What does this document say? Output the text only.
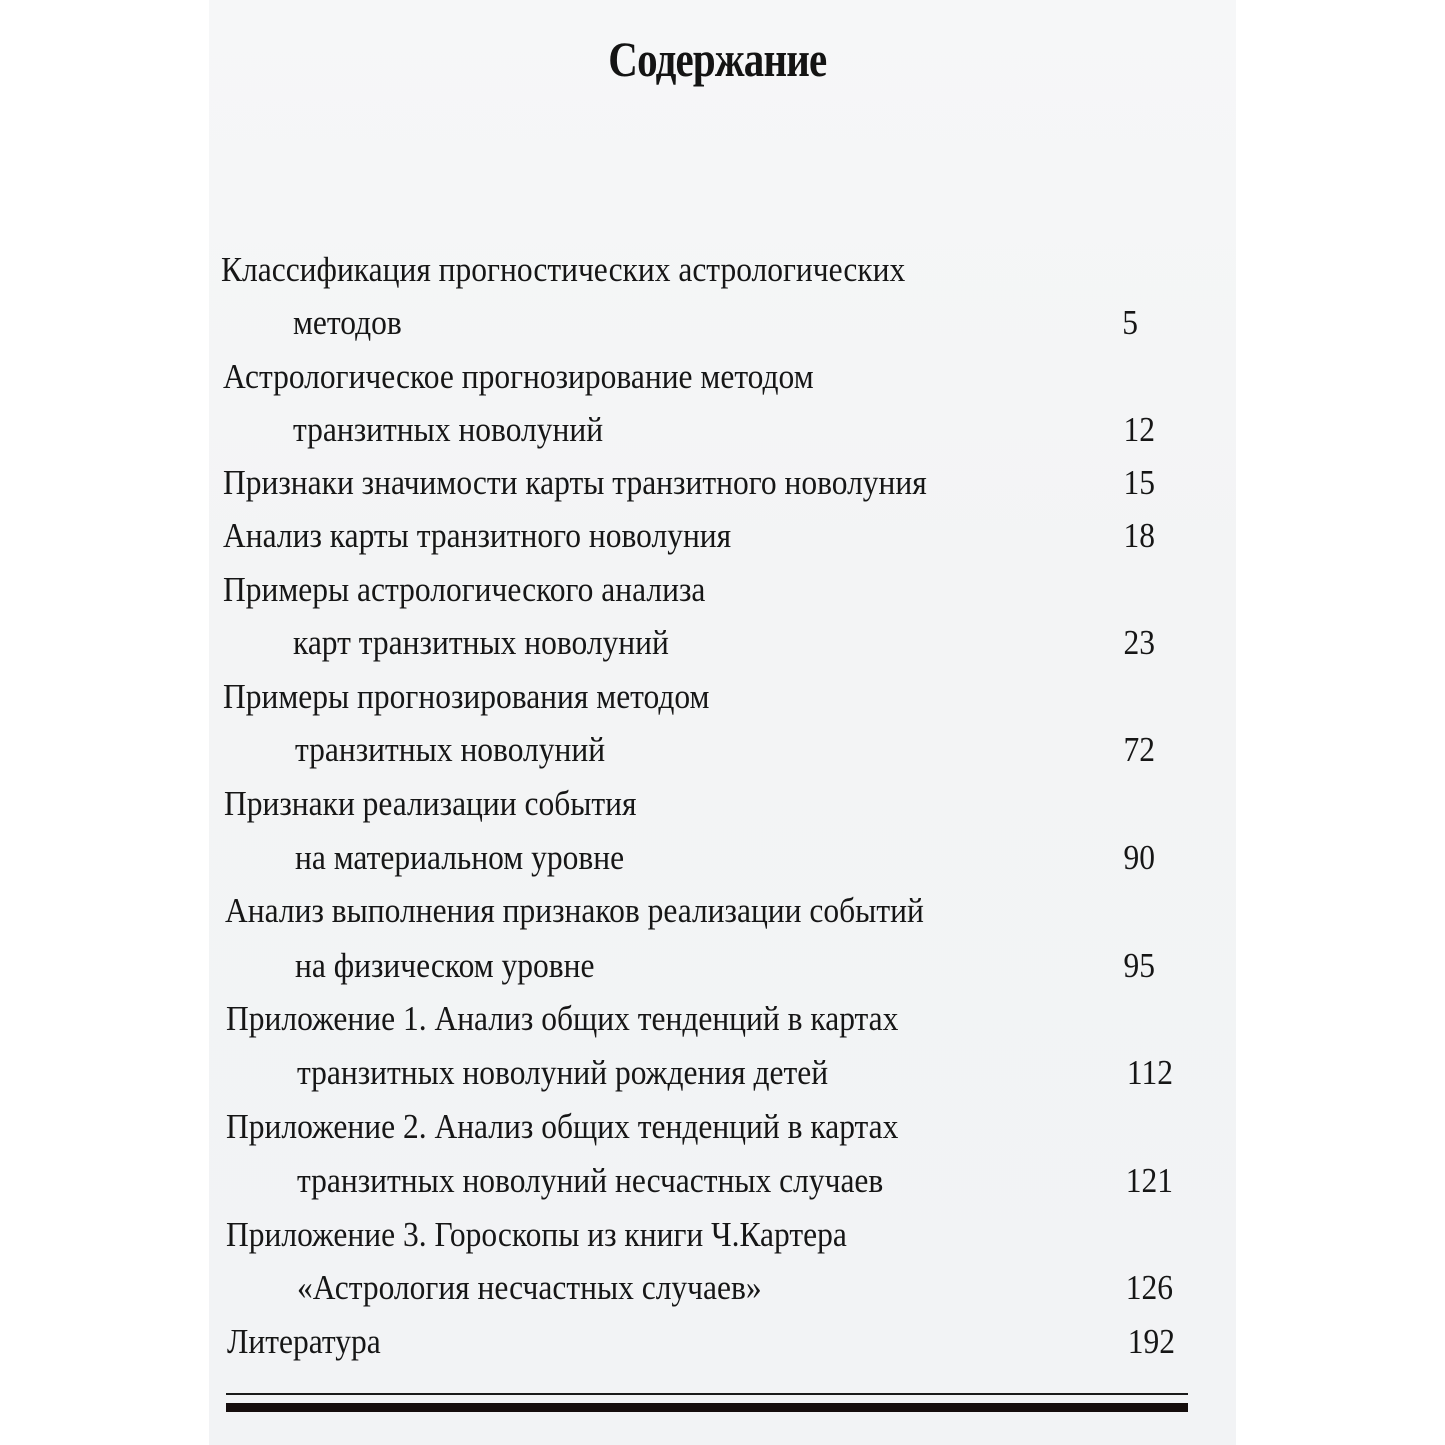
Содержание
Классификация прогностических астрологических
методов	5
Астрологическое прогнозирование методом
транзитных новолуний	12
Признаки значимости карты транзитного новолуния	15
Анализ карты транзитного новолуния	18
Примеры астрологического анализа
карт транзитных новолуний	23
Примеры прогнозирования методом
транзитных новолуний	72
Признаки реализации события
на материальном уровне	90
Анализ выполнения признаков реализации событий
на физическом уровне	95
Приложение 1. Анализ общих тенденций в картах
транзитных новолуний рождения детей	112
Приложение 2. Анализ общих тенденций в картах
транзитных новолуний несчастных случаев	121
Приложение 3. Гороскопы из книги Ч.Картера
«Астрология несчастных случаев»	126
Литература	192
